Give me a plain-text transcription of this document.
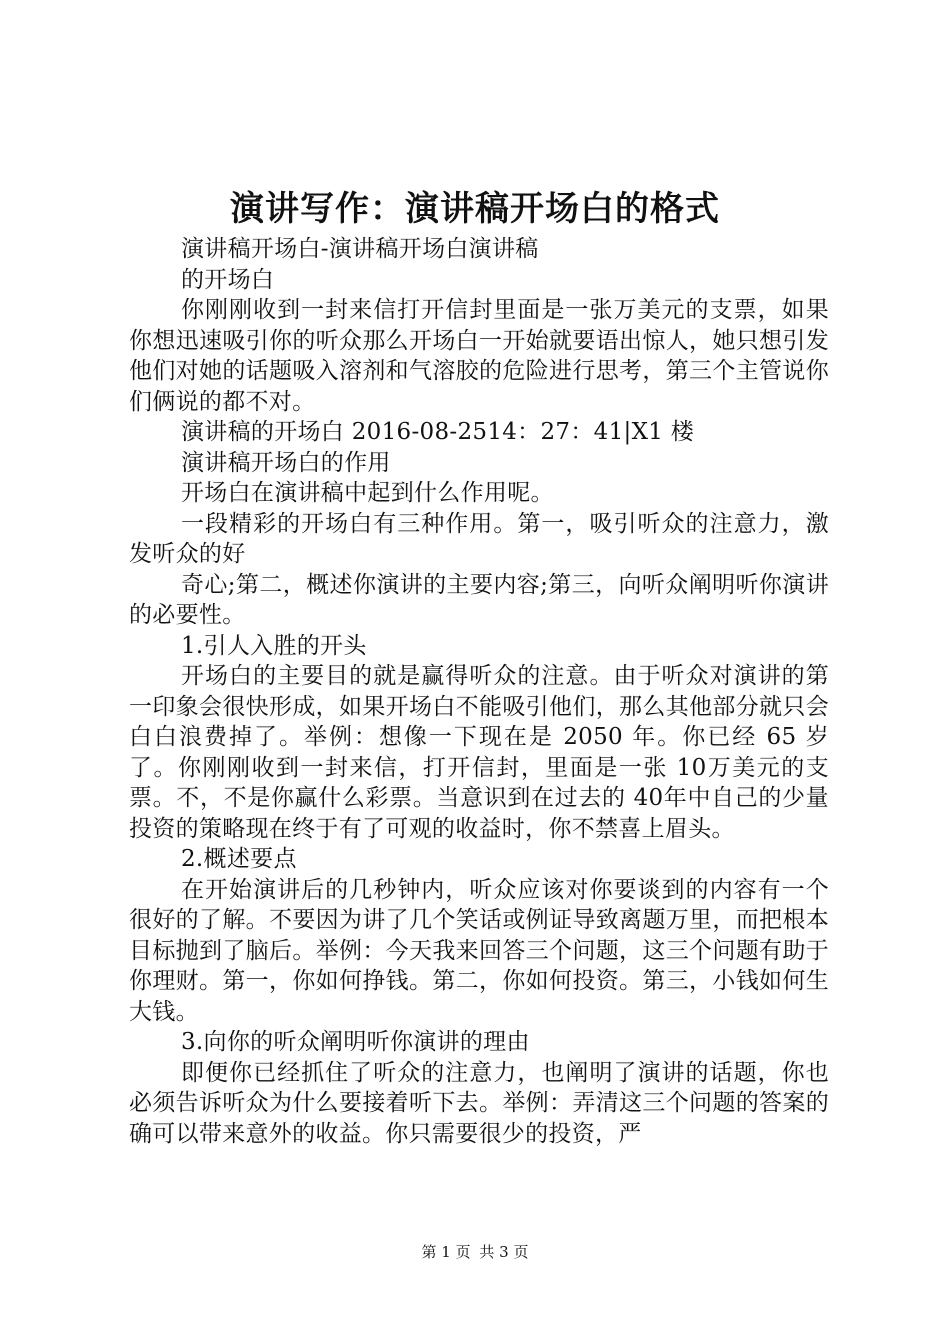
演讲写作：演讲稿开场白的格式

演讲稿开场白-演讲稿开场白演讲稿

的开场白

你刚刚收到一封来信打开信封里面是一张万美元的支票，如果你想迅速吸引你的听众那么开场白一开始就要语出惊人，她只想引发他们对她的话题吸入溶剂和气溶胶的危险进行思考，第三个主管说你们俩说的都不对。

演讲稿的开场白 2016-08-2514：27：41|X1 楼

演讲稿开场白的作用

开场白在演讲稿中起到什么作用呢。

一段精彩的开场白有三种作用。第一，吸引听众的注意力，激发听众的好

奇心;第二，概述你演讲的主要内容;第三，向听众阐明听你演讲的必要性。

1.引人入胜的开头

开场白的主要目的就是赢得听众的注意。由于听众对演讲的第一印象会很快形成，如果开场白不能吸引他们，那么其他部分就只会白白浪费掉了。举例：想像一下现在是 2050 年。你已经 65 岁了。你刚刚收到一封来信，打开信封，里面是一张 10万美元的支票。不，不是你赢什么彩票。当意识到在过去的 40年中自己的少量投资的策略现在终于有了可观的收益时，你不禁喜上眉头。

2.概述要点

在开始演讲后的几秒钟内，听众应该对你要谈到的内容有一个很好的了解。不要因为讲了几个笑话或例证导致离题万里，而把根本目标抛到了脑后。举例：今天我来回答三个问题，这三个问题有助于你理财。第一，你如何挣钱。第二，你如何投资。第三，小钱如何生大钱。

3.向你的听众阐明听你演讲的理由

即便你已经抓住了听众的注意力，也阐明了演讲的话题，你也必须告诉听众为什么要接着听下去。举例：弄清这三个问题的答案的确可以带来意外的收益。你只需要很少的投资，严

第 1 页 共 3 页
